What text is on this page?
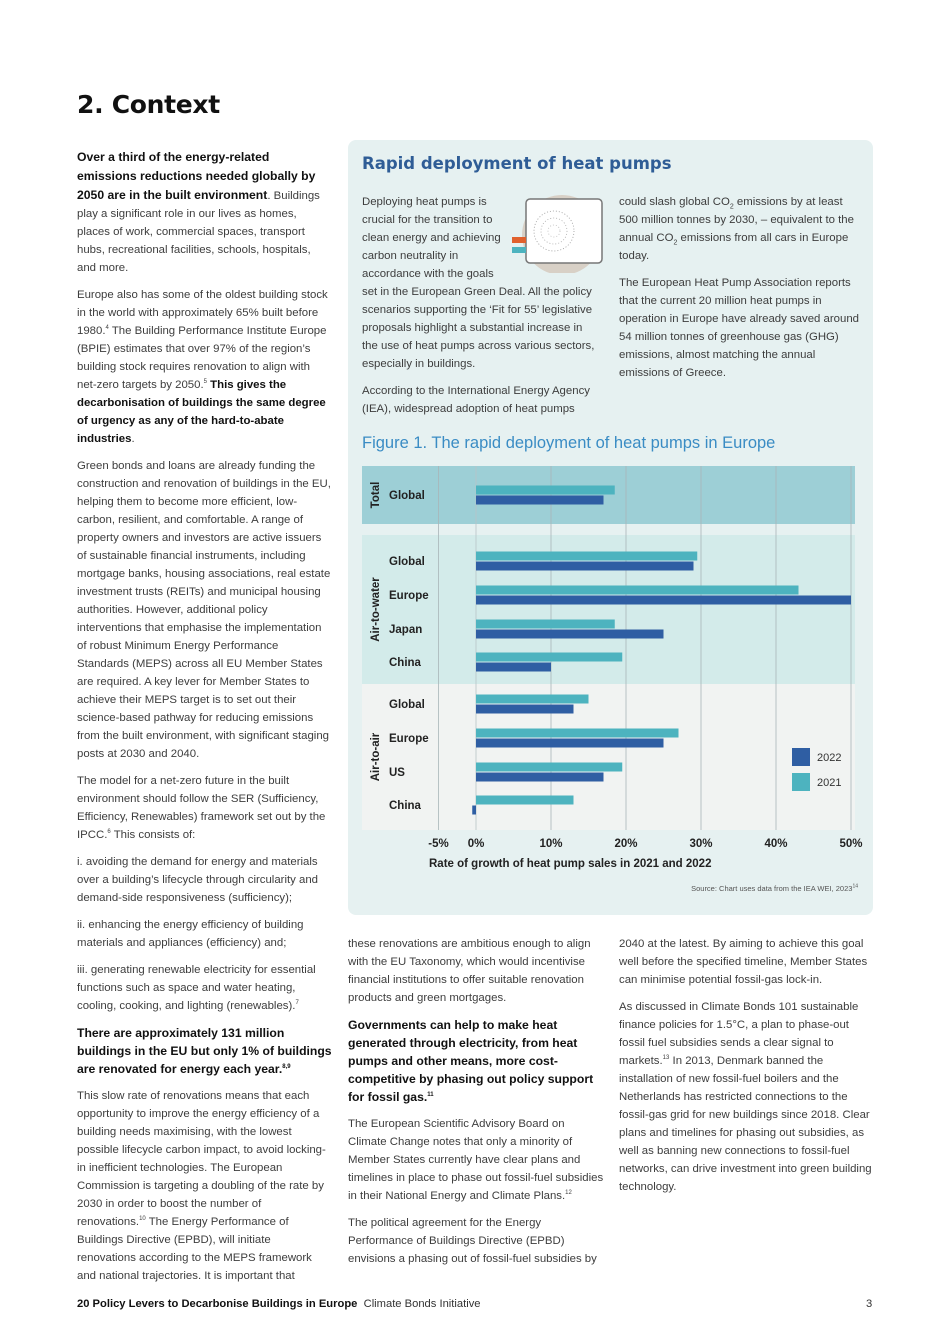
2. Context

Over a third of the energy-related emissions reductions needed globally by 2050 are in the built environment. Buildings play a significant role in our lives as homes, places of work, commercial spaces, transport hubs, recreational facilities, schools, hospitals, and more.

Europe also has some of the oldest building stock in the world with approximately 65% built before 1980.$^4$ The Building Performance Institute Europe (BPIE) estimates that over 97% of the region’s building stock requires renovation to align with net-zero targets by 2050.$^5$ This gives the decarbonisation of buildings the same degree of urgency as any of the hard-to-abate industries.

Green bonds and loans are already funding the construction and renovation of buildings in the EU, helping them to become more efficient, low-carbon, resilient, and comfortable. A range of property owners and investors are active issuers of sustainable financial instruments, including mortgage banks, housing associations, real estate investment trusts (REITs) and municipal housing authorities. However, additional policy interventions that emphasise the implementation of robust Minimum Energy Performance Standards (MEPS) across all EU Member States are required. A key lever for Member States to achieve their MEPS target is to set out their science-based pathway for reducing emissions from the built environment, with significant staging posts at 2030 and 2040.

The model for a net-zero future in the built environment should follow the SER (Sufficiency, Efficiency, Renewables) framework set out by the IPCC.$^6$ This consists of:

i. avoiding the demand for energy and materials over a building’s lifecycle through circularity and demand-side responsiveness (sufficiency);

ii. enhancing the energy efficiency of building materials and appliances (efficiency) and;

iii. generating renewable electricity for essential functions such as space and water heating, cooling, cooking, and lighting (renewables).$^7$

There are approximately 131 million buildings in the EU but only 1% of buildings are renovated for energy each year.$^{8,9}$

This slow rate of renovations means that each opportunity to improve the energy efficiency of a building needs maximising, with the lowest possible lifecycle carbon impact, to avoid locking-in inefficient technologies. The European Commission is targeting a doubling of the rate by 2030 in order to boost the number of renovations.$^{10}$ The Energy Performance of Buildings Directive (EPBD), will initiate renovations according to the MEPS framework and national trajectories. It is important that

Rapid deployment of heat pumps

Deploying heat pumps is crucial for the transition to clean energy and achieving carbon neutrality in accordance with the goals set in the European Green Deal. All the policy scenarios supporting the ‘Fit for 55’ legislative proposals highlight a substantial increase in the use of heat pumps across various sectors, especially in buildings.

According to the International Energy Agency (IEA), widespread adoption of heat pumps

could slash global $CO_2$ emissions by at least 500 million tonnes by 2030, – equivalent to the annual $CO_2$ emissions from all cars in Europe today.

The European Heat Pump Association reports that the current 20 million heat pumps in operation in Europe have already saved around 54 million tonnes of greenhouse gas (GHG) emissions, almost matching the annual emissions of Greece.

Figure 1. The rapid deployment of heat pumps in Europe
Total
Air-to-water
Air-to-air
Global
Global
Europe
Japan
China
Global
Europe
US
China
-5% 0%	10%	20%	30%	40%	50%
Rate of growth of heat pump sales in 2021 and 2022
2022
2021
Source: Chart uses data from the IEA WEI, 2023$^{14}$

these renovations are ambitious enough to align with the EU Taxonomy, which would incentivise financial institutions to offer suitable renovation products and green mortgages.

Governments can help to make heat generated through electricity, from heat pumps and other means, more cost-competitive by phasing out policy support for fossil gas.$^{11}$

The European Scientific Advisory Board on Climate Change notes that only a minority of Member States currently have clear plans and timelines in place to phase out fossil-fuel subsidies in their National Energy and Climate Plans.$^{12}$

The political agreement for the Energy Performance of Buildings Directive (EPBD) envisions a phasing out of fossil-fuel subsidies by

2040 at the latest. By aiming to achieve this goal well before the specified timeline, Member States can minimise potential fossil-gas lock-in.

As discussed in Climate Bonds 101 sustainable finance policies for 1.5°C, a plan to phase-out fossil fuel subsidies sends a clear signal to markets.$^{13}$ In 2013, Denmark banned the installation of new fossil-fuel boilers and the Netherlands has restricted connections to the fossil-gas grid for new buildings since 2018. Clear plans and timelines for phasing out subsidies, as well as banning new connections to fossil-fuel networks, can drive investment into green building technology.

20 Policy Levers to Decarbonise Buildings in Europe Climate Bonds Initiative	3
